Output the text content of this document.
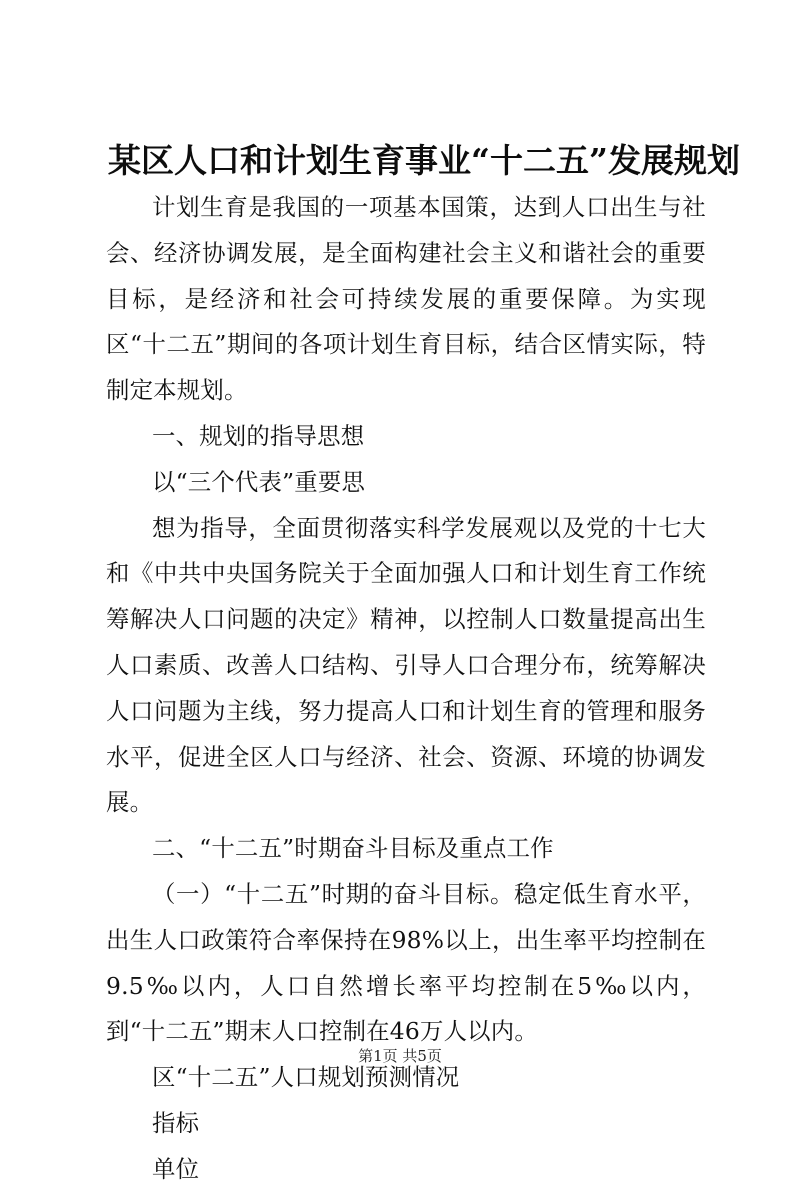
某区人口和计划生育事业“十二五”发展规划

计划生育是我国的一项基本国策，达到人口出生与社会、经济协调发展，是全面构建社会主义和谐社会的重要目标，是经济和社会可持续发展的重要保障。为实现区“十二五”期间的各项计划生育目标，结合区情实际，特制定本规划。

一、规划的指导思想

以“三个代表”重要思

想为指导，全面贯彻落实科学发展观以及党的十七大和《中共中央国务院关于全面加强人口和计划生育工作统筹解决人口问题的决定》精神，以控制人口数量提高出生人口素质、改善人口结构、引导人口合理分布，统筹解决人口问题为主线，努力提高人口和计划生育的管理和服务水平，促进全区人口与经济、社会、资源、环境的协调发展。

二、“十二五”时期奋斗目标及重点工作

（一）“十二五”时期的奋斗目标。稳定低生育水平，出生人口政策符合率保持在98%以上，出生率平均控制在9.5‰以内，人口自然增长率平均控制在5‰以内，到“十二五”期末人口控制在46万人以内。

区“十二五”人口规划预测情况

指标

单位

第1页 共5页
